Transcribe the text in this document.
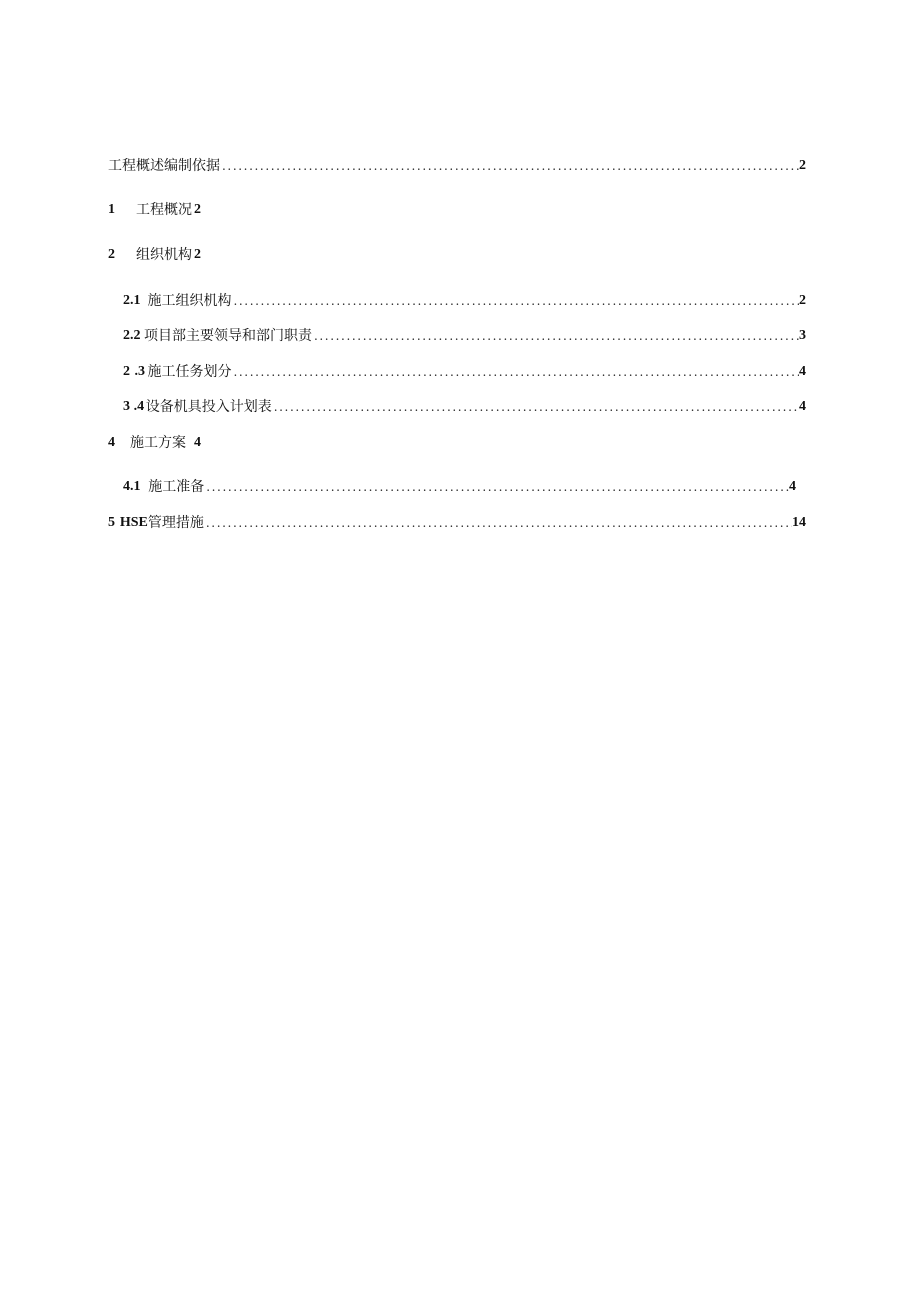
工程概述编制依据 .....	2
1	工程概况 2
2	组织机构 2
2.1 施工组织机构 .....	2
2.2 项目部主要领导和部门职责 .....	3
2 .3 施工任务划分 .....	4
3 .4 设备机具投入计划表 .....	4
4	施工方案 4
4.1 施工准备 .....	4
5 HSE 管理措施 .....	14
